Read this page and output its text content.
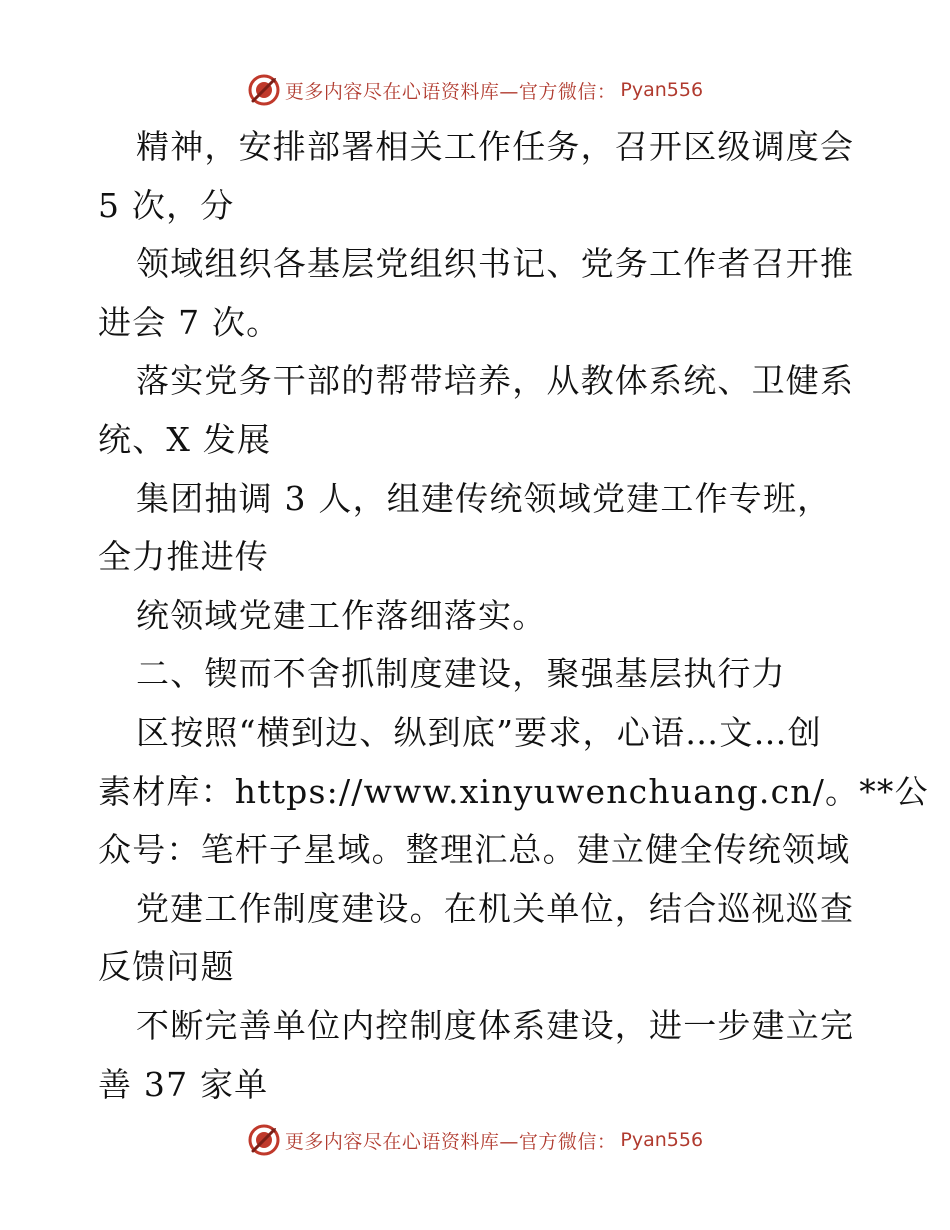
更多内容尽在心语资料库—官方微信： Pyan556
精神，安排部署相关工作任务，召开区级调度会
5 次，分
领域组织各基层党组织书记、党务工作者召开推
进会 7 次。
落实党务干部的帮带培养，从教体系统、卫健系
统、X 发展
集团抽调 3 人，组建传统领域党建工作专班，
全力推进传
统领域党建工作落细落实。
二、锲而不舍抓制度建设，聚强基层执行力
区按照“横到边、纵到底”要求，心语…文…创
素材库：https://www.xinyuwenchuang.cn/。**公
众号：笔杆子星域。整理汇总。建立健全传统领域
党建工作制度建设。在机关单位，结合巡视巡查
反馈问题
不断完善单位内控制度体系建设，进一步建立完
善 37 家单
更多内容尽在心语资料库—官方微信： Pyan556
